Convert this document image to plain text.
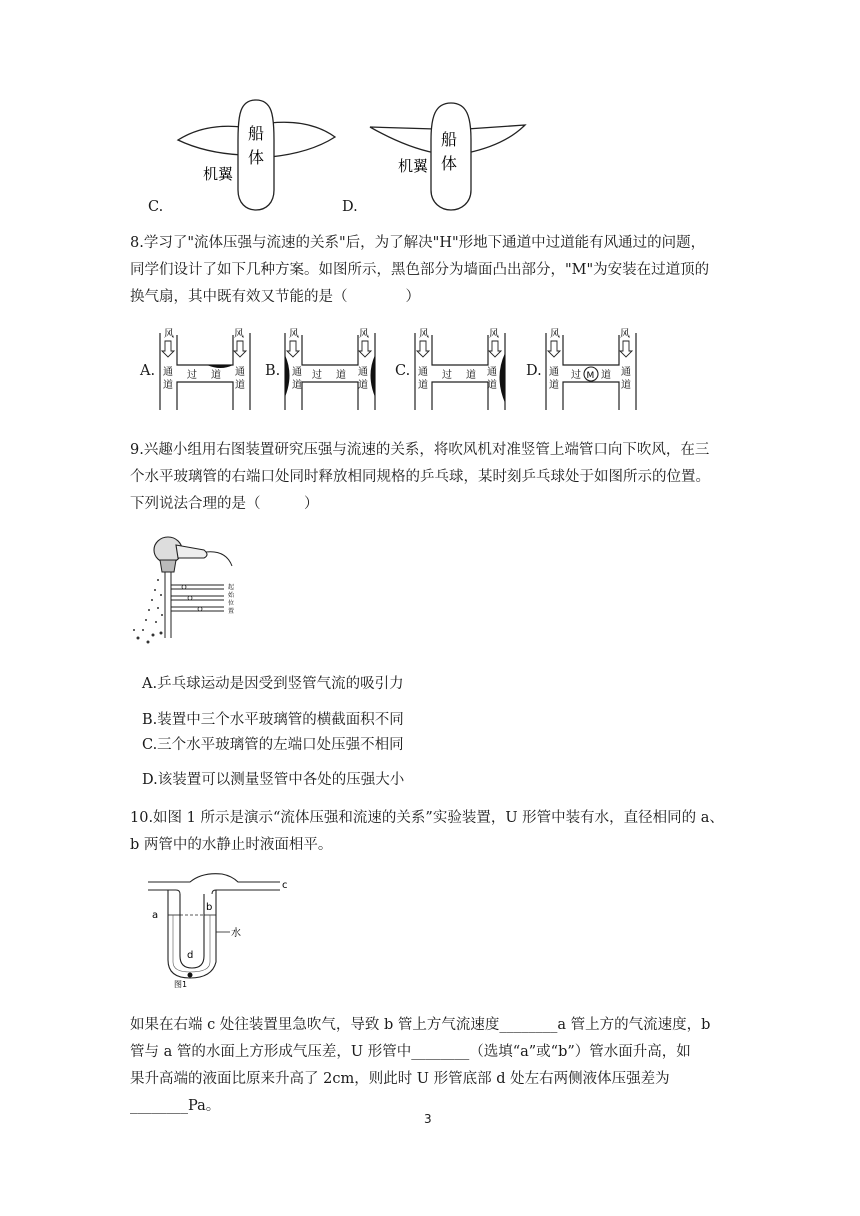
船
体
机翼
C.
船
体
机翼
D.
8.学习了"流体压强与流速的关系"后，为了解决"H"形地下通道中过道能有风通过的问题，
同学们设计了如下几种方案。如图所示，黑色部分为墙面凸出部分，"M"为安装在过道顶的
换气扇，其中既有效又节能的是（　　　　）
A.
风	风
通
道
通
道
过 道	B.
风	风
通
道
通
道
过 道	C.
风	风
通
道
通
道
过 道	D.	M
风	风
通
道
通
道
过 道
9.兴趣小组用右图装置研究压强与流速的关系，将吹风机对准竖管上端管口向下吹风，在三
个水平玻璃管的右端口处同时释放相同规格的乒乓球，某时刻乒乓球处于如图所示的位置。
下列说法合理的是（　　　）
起
始
位
置
A.乒乓球运动是因受到竖管气流的吸引力
B.装置中三个水平玻璃管的横截面积不同
C.三个水平玻璃管的左端口处压强不相同
D.该装置可以测量竖管中各处的压强大小
10.如图 1 所示是演示“流体压强和流速的关系”实验装置，U 形管中装有水，直径相同的 a、
b 两管中的水静止时液面相平。
a
b
c
d
水
图1
如果在右端 c 处往装置里急吹气，导致 b 管上方气流速度________a 管上方的气流速度，b
管与 a 管的水面上方形成气压差，U 形管中________（选填“a”或“b”）管水面升高，如
果升高端的液面比原来升高了 2cm，则此时 U 形管底部 d 处左右两侧液体压强差为
________Pa。
3
